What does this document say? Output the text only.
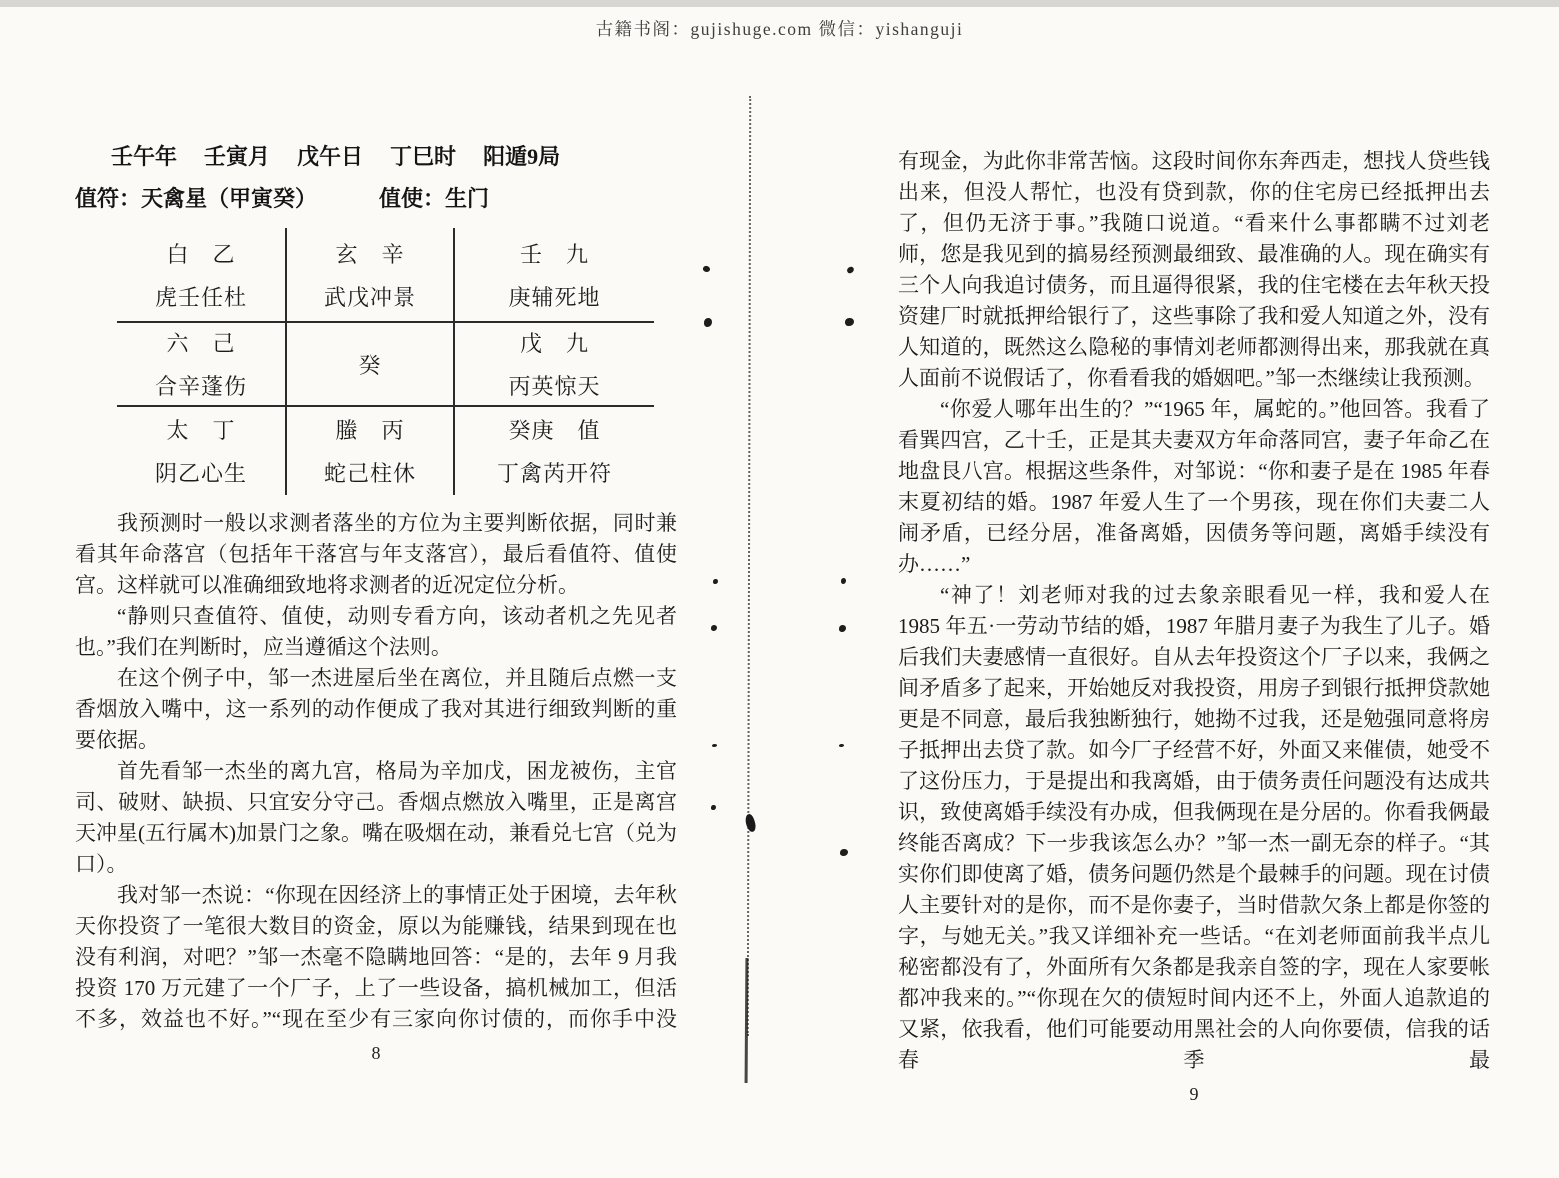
古籍书阁：gujishuge.com 微信：yishanguji
壬午年 壬寅月 戊午日 丁巳时 阳遁9局
值符：天禽星（甲寅癸）	值使：生门
白　乙
虎壬任杜
玄　辛
武戊冲景
壬　九
庚辅死地
六　己
合辛蓬伤
癸
戊　九
丙英惊天
太　丁
阴乙心生
螣　丙
蛇己柱休
癸庚　值
丁禽芮开符

我预测时一般以求测者落坐的方位为主要判断依据，同时兼看其年命落宫（包括年干落宫与年支落宫），最后看值符、值使宫。这样就可以准确细致地将求测者的近况定位分析。

“静则只查值符、值使，动则专看方向，该动者机之先见者也。”我们在判断时，应当遵循这个法则。

在这个例子中，邹一杰进屋后坐在离位，并且随后点燃一支香烟放入嘴中，这一系列的动作便成了我对其进行细致判断的重要依据。

首先看邹一杰坐的离九宫，格局为辛加戊，困龙被伤，主官司、破财、缺损、只宜安分守己。香烟点燃放入嘴里，正是离宫天冲星(五行属木)加景门之象。嘴在吸烟在动，兼看兑七宫（兑为口）。

我对邹一杰说：“你现在因经济上的事情正处于困境，去年秋天你投资了一笔很大数目的资金，原以为能赚钱，结果到现在也没有利润，对吧？”邹一杰毫不隐瞒地回答：“是的，去年 9 月我投资 170 万元建了一个厂子，上了一些设备，搞机械加工，但活不多，效益也不好。”“现在至少有三家向你讨债的，而你手中没

8

有现金，为此你非常苦恼。这段时间你东奔西走，想找人贷些钱出来，但没人帮忙，也没有贷到款，你的住宅房已经抵押出去了，但仍无济于事。”我随口说道。“看来什么事都瞒不过刘老师，您是我见到的搞易经预测最细致、最准确的人。现在确实有三个人向我追讨债务，而且逼得很紧，我的住宅楼在去年秋天投资建厂时就抵押给银行了，这些事除了我和爱人知道之外，没有人知道的，既然这么隐秘的事情刘老师都测得出来，那我就在真人面前不说假话了，你看看我的婚姻吧。”邹一杰继续让我预测。

“你爱人哪年出生的？”“1965 年，属蛇的。”他回答。我看了看巽四宫，乙十壬，正是其夫妻双方年命落同宫，妻子年命乙在地盘艮八宫。根据这些条件，对邹说：“你和妻子是在 1985 年春末夏初结的婚。1987 年爱人生了一个男孩，现在你们夫妻二人闹矛盾，已经分居，准备离婚，因债务等问题，离婚手续没有办……”

“神了！刘老师对我的过去象亲眼看见一样，我和爱人在 1985 年五·一劳动节结的婚，1987 年腊月妻子为我生了儿子。婚后我们夫妻感情一直很好。自从去年投资这个厂子以来，我俩之间矛盾多了起来，开始她反对我投资，用房子到银行抵押贷款她更是不同意，最后我独断独行，她拗不过我，还是勉强同意将房子抵押出去贷了款。如今厂子经营不好，外面又来催债，她受不了这份压力，于是提出和我离婚，由于债务责任问题没有达成共识，致使离婚手续没有办成，但我俩现在是分居的。你看我俩最终能否离成？下一步我该怎么办？”邹一杰一副无奈的样子。“其实你们即使离了婚，债务问题仍然是个最棘手的问题。现在讨债人主要针对的是你，而不是你妻子，当时借款欠条上都是你签的字，与她无关。”我又详细补充一些话。“在刘老师面前我半点儿秘密都没有了，外面所有欠条都是我亲自签的字，现在人家要帐都冲我来的。”“你现在欠的债短时间内还不上，外面人追款追的又紧，依我看，他们可能要动用黑社会的人向你要债，信我的话春季最

9
